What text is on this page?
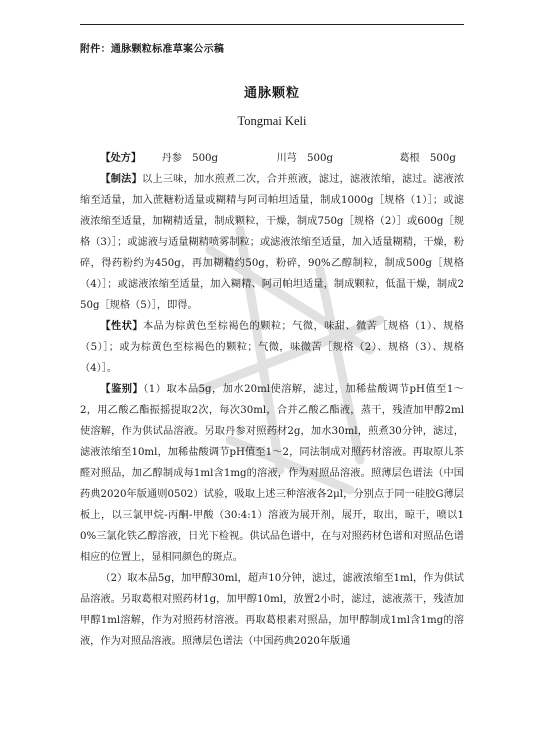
附件：通脉颗粒标准草案公示稿
通脉颗粒
Tongmai Keli

【处方】 丹参　500g	川芎　500g	葛根　500g

【制法】以上三味，加水煎煮二次，合并煎液，滤过，滤液浓缩，滤过。滤液浓缩至适量，加入蔗糖粉适量或糊精与阿司帕坦适量，制成1000g［规格（1）］；或滤液浓缩至适量，加糊精适量，制成颗粒，干燥，制成750g［规格（2）］或600g［规格（3）］；或滤液与适量糊精喷雾制粒；或滤液浓缩至适量，加入适量糊精，干燥，粉碎，得药粉约为450g，再加糊精约50g，粉碎，90%乙醇制粒，制成500g［规格（4）］；或滤液浓缩至适量，加入糊精、阿司帕坦适量，制成颗粒，低温干燥，制成250g［规格（5）］，即得。

【性状】本品为棕黄色至棕褐色的颗粒；气微，味甜、微苦［规格（1）、规格（5）］；或为棕黄色至棕褐色的颗粒；气微，味微苦［规格（2）、规格（3）、规格（4）］。

【鉴别】（1）取本品5g，加水20ml使溶解，滤过，加稀盐酸调节pH值至1～2，用乙酸乙酯振摇提取2次，每次30ml，合并乙酸乙酯液，蒸干，残渣加甲醇2ml使溶解，作为供试品溶液。另取丹参对照药材2g，加水30ml，煎煮30分钟，滤过，滤液浓缩至10ml，加稀盐酸调节pH值至1～2，同法制成对照药材溶液。再取原儿茶醛对照品，加乙醇制成每1ml含1mg的溶液，作为对照品溶液。照薄层色谱法（中国药典2020年版通则0502）试验，吸取上述三种溶液各2μl，分别点于同一硅胶G薄层板上，以三氯甲烷-丙酮-甲酸（30:4:1）溶液为展开剂，展开，取出，晾干，喷以10%三氯化铁乙醇溶液，日光下检视。供试品色谱中，在与对照药材色谱和对照品色谱相应的位置上，显相同颜色的斑点。

（2）取本品5g，加甲醇30ml，超声10分钟，滤过，滤液浓缩至1ml，作为供试品溶液。另取葛根对照药材1g，加甲醇10ml，放置2小时，滤过，滤液蒸干，残渣加甲醇1ml溶解，作为对照药材溶液。再取葛根素对照品，加甲醇制成1ml含1mg的溶液，作为对照品溶液。照薄层色谱法（中国药典2020年版通
